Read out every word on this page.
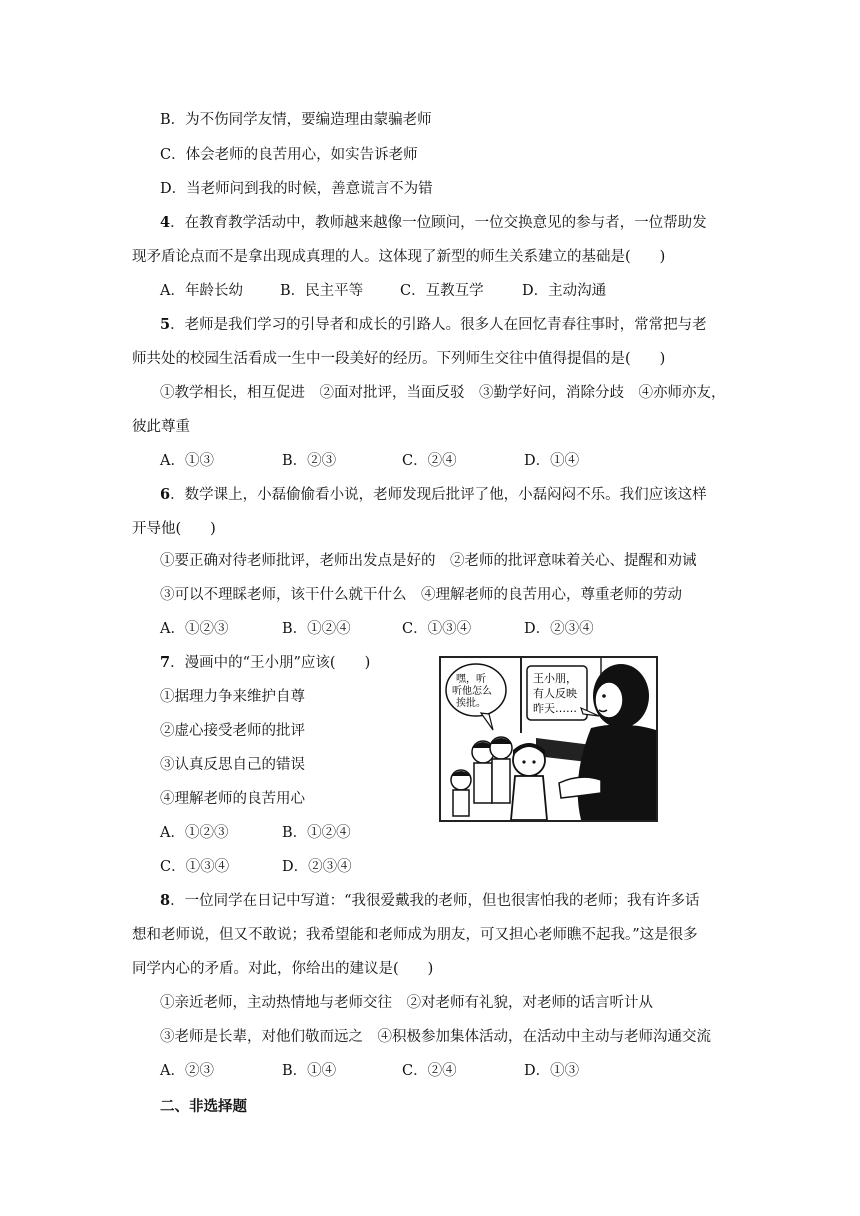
B．为不伤同学友情，要编造理由蒙骗老师
C．体会老师的良苦用心，如实告诉老师
D．当老师问到我的时候，善意谎言不为错
4．在教育教学活动中，教师越来越像一位顾问，一位交换意见的参与者，一位帮助发
现矛盾论点而不是拿出现成真理的人。这体现了新型的师生关系建立的基础是(　　)
A．年龄长幼	B．民主平等	C．互教互学	D．主动沟通
5．老师是我们学习的引导者和成长的引路人。很多人在回忆青春往事时，常常把与老
师共处的校园生活看成一生中一段美好的经历。下列师生交往中值得提倡的是(　　)
①教学相长，相互促进　②面对批评，当面反驳　③勤学好问，消除分歧　④亦师亦友，
彼此尊重
A．①③	B．②③	C．②④	D．①④
6．数学课上，小磊偷偷看小说，老师发现后批评了他，小磊闷闷不乐。我们应该这样
开导他(　　)
①要正确对待老师批评，老师出发点是好的　②老师的批评意味着关心、提醒和劝诫
③可以不理睬老师，该干什么就干什么　④理解老师的良苦用心，尊重老师的劳动
A．①②③	B．①②④	C．①③④	D．②③④
7．漫画中的“王小朋”应该(　　)
①据理力争来维护自尊
②虚心接受老师的批评
③认真反思自己的错误
④理解老师的良苦用心
A．①②③	B．①②④
C．①③④	D．②③④
王小朋，
有人反映
昨天……
嘿，听
听他怎么
挨批。
8．一位同学在日记中写道：“我很爱戴我的老师，但也很害怕我的老师；我有许多话
想和老师说，但又不敢说；我希望能和老师成为朋友，可又担心老师瞧不起我。”这是很多
同学内心的矛盾。对此，你给出的建议是(　　)
①亲近老师，主动热情地与老师交往　②对老师有礼貌，对老师的话言听计从
③老师是长辈，对他们敬而远之　④积极参加集体活动，在活动中主动与老师沟通交流
A．②③	B．①④	C．②④	D．①③
二、非选择题
